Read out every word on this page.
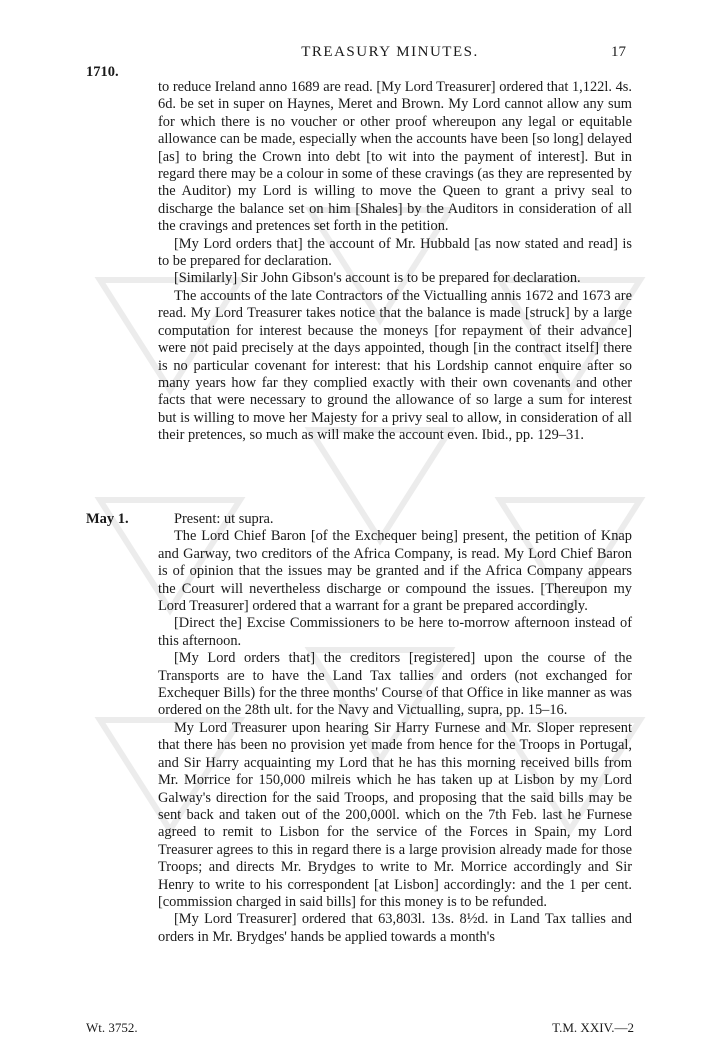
TREASURY MINUTES.	17
1710.

to reduce Ireland anno 1689 are read. [My Lord Treasurer] ordered that 1,122l. 4s. 6d. be set in super on Haynes, Meret and Brown. My Lord cannot allow any sum for which there is no voucher or other proof whereupon any legal or equitable allowance can be made, especially when the accounts have been [so long] delayed [as] to bring the Crown into debt [to wit into the payment of interest]. But in regard there may be a colour in some of these cravings (as they are represented by the Auditor) my Lord is willing to move the Queen to grant a privy seal to discharge the balance set on him [Shales] by the Auditors in consideration of all the cravings and pretences set forth in the petition.

[My Lord orders that] the account of Mr. Hubbald [as now stated and read] is to be prepared for declaration.

[Similarly] Sir John Gibson's account is to be prepared for declaration.

The accounts of the late Contractors of the Victualling annis 1672 and 1673 are read. My Lord Treasurer takes notice that the balance is made [struck] by a large computation for interest because the moneys [for repayment of their advance] were not paid precisely at the days appointed, though [in the contract itself] there is no particular covenant for interest: that his Lordship cannot enquire after so many years how far they complied exactly with their own covenants and other facts that were necessary to ground the allowance of so large a sum for interest but is willing to move her Majesty for a privy seal to allow, in consideration of all their pretences, so much as will make the account even. Ibid., pp. 129–31.

May 1.	Present: ut supra.

The Lord Chief Baron [of the Exchequer being] present, the petition of Knap and Garway, two creditors of the Africa Company, is read. My Lord Chief Baron is of opinion that the issues may be granted and if the Africa Company appears the Court will nevertheless discharge or compound the issues. [Thereupon my Lord Treasurer] ordered that a warrant for a grant be prepared accordingly.

[Direct the] Excise Commissioners to be here to-morrow afternoon instead of this afternoon.

[My Lord orders that] the creditors [registered] upon the course of the Transports are to have the Land Tax tallies and orders (not exchanged for Exchequer Bills) for the three months' Course of that Office in like manner as was ordered on the 28th ult. for the Navy and Victualling, supra, pp. 15–16.

My Lord Treasurer upon hearing Sir Harry Furnese and Mr. Sloper represent that there has been no provision yet made from hence for the Troops in Portugal, and Sir Harry acquainting my Lord that he has this morning received bills from Mr. Morrice for 150,000 milreis which he has taken up at Lisbon by my Lord Galway's direction for the said Troops, and proposing that the said bills may be sent back and taken out of the 200,000l. which on the 7th Feb. last he Furnese agreed to remit to Lisbon for the service of the Forces in Spain, my Lord Treasurer agrees to this in regard there is a large provision already made for those Troops; and directs Mr. Brydges to write to Mr. Morrice accordingly and Sir Henry to write to his correspondent [at Lisbon] accordingly: and the 1 per cent. [commission charged in said bills] for this money is to be refunded.

[My Lord Treasurer] ordered that 63,803l. 13s. 8½d. in Land Tax tallies and orders in Mr. Brydges' hands be applied towards a month's

Wt. 3752.	T.M. XXIV.—2
